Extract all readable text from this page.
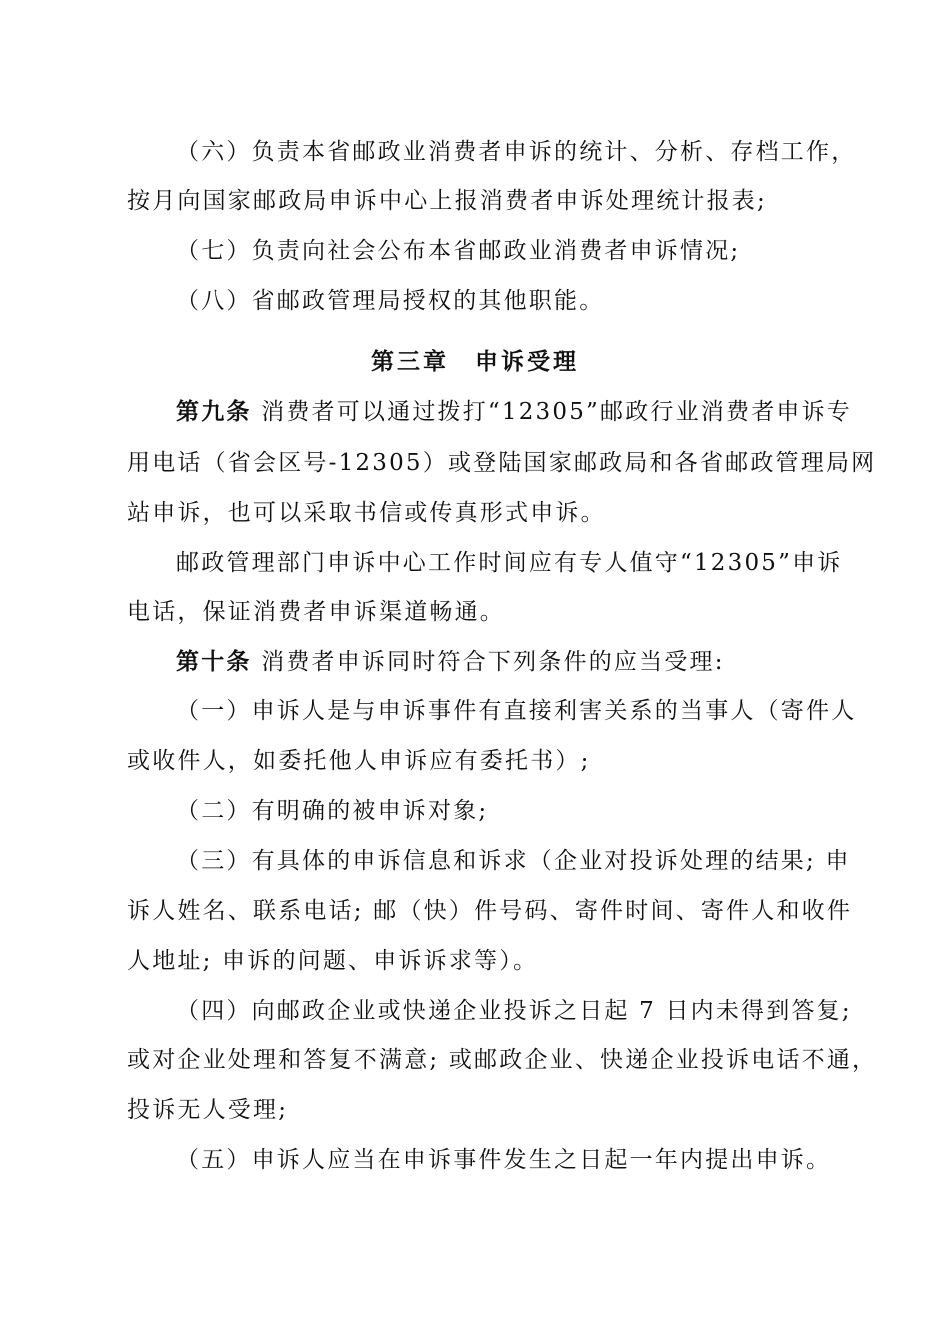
（六）负责本省邮政业消费者申诉的统计、分析、存档工作，
按月向国家邮政局申诉中心上报消费者申诉处理统计报表;
（七）负责向社会公布本省邮政业消费者申诉情况;
（八）省邮政管理局授权的其他职能。
第三章　申诉受理
第九条 消费者可以通过拨打“12305”邮政行业消费者申诉专
用电话（省会区号-12305）或登陆国家邮政局和各省邮政管理局网
站申诉，也可以采取书信或传真形式申诉。
邮政管理部门申诉中心工作时间应有专人值守“12305”申诉
电话，保证消费者申诉渠道畅通。
第十条 消费者申诉同时符合下列条件的应当受理:
（一）申诉人是与申诉事件有直接利害关系的当事人（寄件人
或收件人，如委托他人申诉应有委托书）;
（二）有明确的被申诉对象;
（三）有具体的申诉信息和诉求（企业对投诉处理的结果; 申
诉人姓名、联系电话; 邮（快）件号码、寄件时间、寄件人和收件
人地址; 申诉的问题、申诉诉求等）。
（四）向邮政企业或快递企业投诉之日起 7 日内未得到答复;
或对企业处理和答复不满意; 或邮政企业、快递企业投诉电话不通，
投诉无人受理;
（五）申诉人应当在申诉事件发生之日起一年内提出申诉。
